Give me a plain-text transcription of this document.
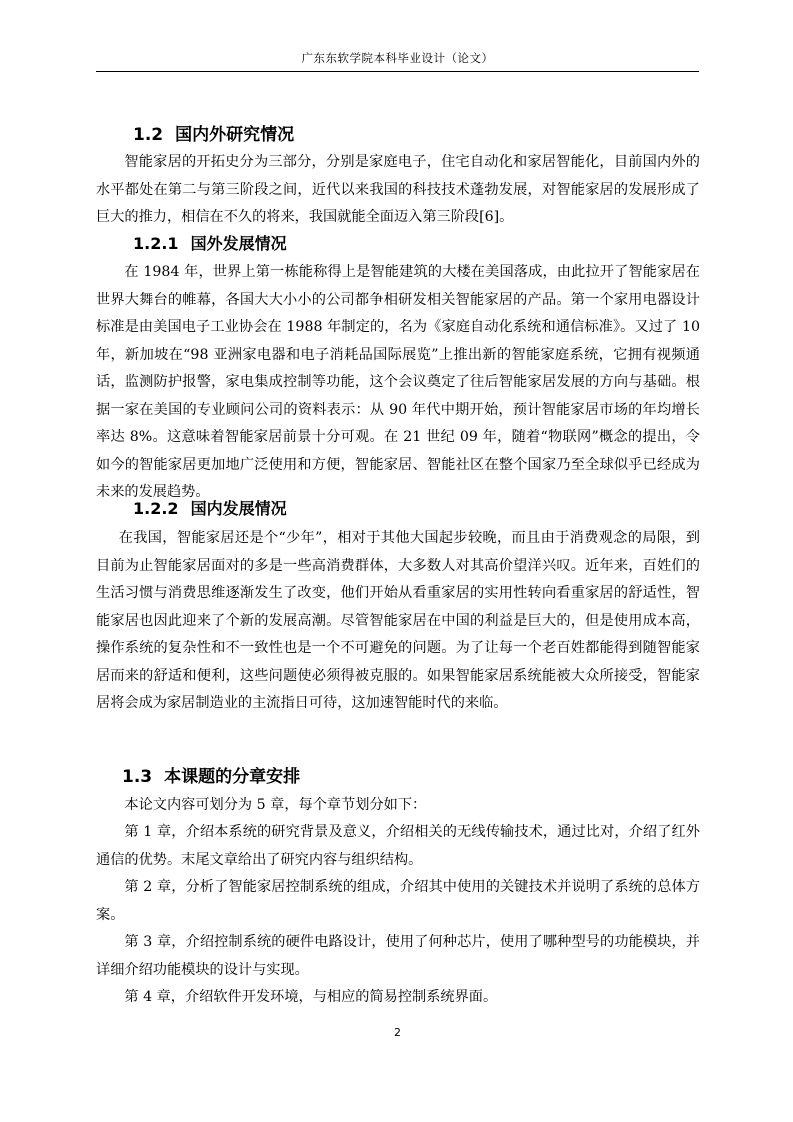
广东东软学院本科毕业设计（论文）
1.2 国内外研究情况

智能家居的开拓史分为三部分，分别是家庭电子，住宅自动化和家居智能化，目前国内外的水平都处在第二与第三阶段之间，近代以来我国的科技技术蓬勃发展，对智能家居的发展形成了巨大的推力，相信在不久的将来，我国就能全面迈入第三阶段[6]。

1.2.1 国外发展情况

在 1984 年，世界上第一栋能称得上是智能建筑的大楼在美国落成，由此拉开了智能家居在世界大舞台的帷幕，各国大大小小的公司都争相研发相关智能家居的产品。第一个家用电器设计标准是由美国电子工业协会在 1988 年制定的，名为《家庭自动化系统和通信标准》。又过了 10 年，新加坡在“98 亚洲家电器和电子消耗品国际展览”上推出新的智能家庭系统，它拥有视频通话，监测防护报警，家电集成控制等功能，这个会议奠定了往后智能家居发展的方向与基础。根据一家在美国的专业顾问公司的资料表示：从 90 年代中期开始，预计智能家居市场的年均增长率达 8%。这意味着智能家居前景十分可观。在 21 世纪 09 年，随着“物联网”概念的提出，令如今的智能家居更加地广泛使用和方便，智能家居、智能社区在整个国家乃至全球似乎已经成为未来的发展趋势。

1.2.2 国内发展情况

在我国，智能家居还是个“少年”，相对于其他大国起步较晚，而且由于消费观念的局限，到目前为止智能家居面对的多是一些高消费群体，大多数人对其高价望洋兴叹。近年来，百姓们的生活习惯与消费思维逐渐发生了改变，他们开始从看重家居的实用性转向看重家居的舒适性，智能家居也因此迎来了个新的发展高潮。尽管智能家居在中国的利益是巨大的，但是使用成本高，操作系统的复杂性和不一致性也是一个不可避免的问题。为了让每一个老百姓都能得到随智能家居而来的舒适和便利，这些问题使必须得被克服的。如果智能家居系统能被大众所接受，智能家居将会成为家居制造业的主流指日可待，这加速智能时代的来临。

1.3 本课题的分章安排

本论文内容可划分为 5 章，每个章节划分如下：

第 1 章，介绍本系统的研究背景及意义，介绍相关的无线传输技术，通过比对，介绍了红外通信的优势。末尾文章给出了研究内容与组织结构。

第 2 章，分析了智能家居控制系统的组成，介绍其中使用的关键技术并说明了系统的总体方案。

第 3 章，介绍控制系统的硬件电路设计，使用了何种芯片，使用了哪种型号的功能模块，并详细介绍功能模块的设计与实现。

第 4 章，介绍软件开发环境，与相应的简易控制系统界面。

2
